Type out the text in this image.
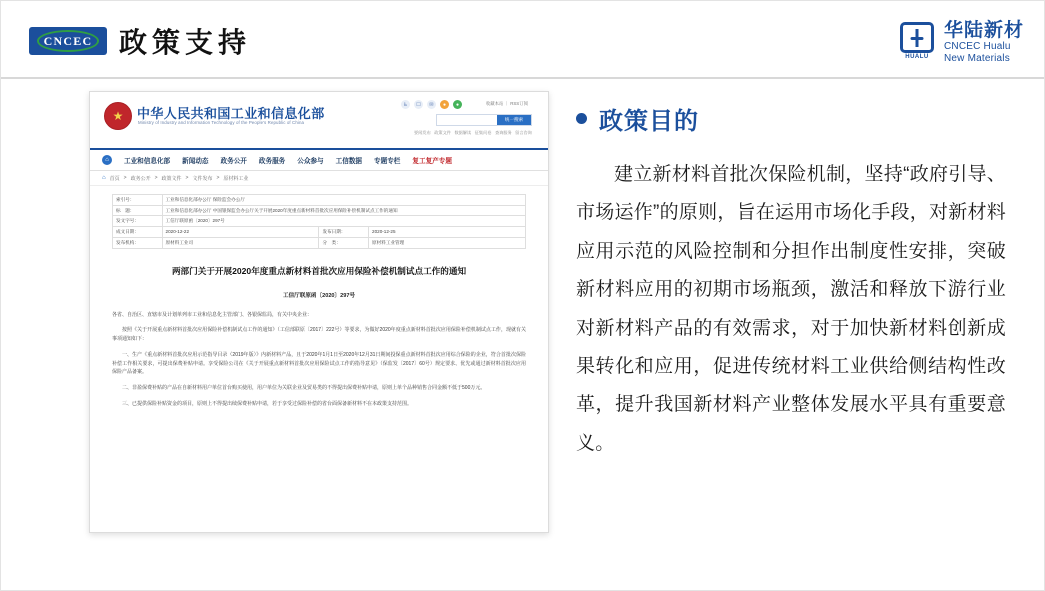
CNCEC 政策支持	HUALU
华陆新材
CNCEC Hualu
New Materials
★	中华人民共和国工业和信息化部
Ministry of Industry and Information Technology of the People's Republic of China
♿	☐	✉	●	●	收藏本站 ｜ RSS订阅
统一搜索
要闻发布 政策文件 数据解读 征集问卷 查询服务 留言咨询
⌂	工业和信息化部 新闻动态 政务公开 政务服务 公众参与 工信数据 专题专栏 复工复产专题
⌂ 首页 > 政务公开 > 政策文件 > 文件发布 > 原材料工业
索引号：	工业和信息化部办公厅 保险监会办公厅		
标　题：	工业和信息化部办公厅 中国银保监会办公厅关于开展2020年度重点新材料首批次应用保险补偿机制试点工作的通知		
发文字号：	工信厅联原函〔2020〕297号		
成文日期：	2020-12-22	发布日期：	2020-12-25
发布机构：	原材料工业司	分　类：	原材料工业管理
两部门关于开展2020年度重点新材料首批次应用保险补偿机制试点工作的通知
工信厅联原函〔2020〕297号

各省、自治区、直辖市及计划单列市工业和信息化主管部门、各银保监局，有关中央企业：

按照《关于开展重点新材料首批次应用保险补偿机制试点工作的通知》（工信部联原〔2017〕222号）等要求，为做好2020年度重点新材料首批次应用保险补偿机制试点工作，现就有关事项通知如下：

一、生产《重点新材料首批次应用示范指导目录（2019年版）》内新材料产品，且于2020年1月1日至2020年12月31日期间投保重点新材料首批次应用综合保险的企业，符合首批次保险补偿工作相关要求，可提出保费补贴申请。享受保险公司在《关于开展重点新材料首批次应用保险试点工作的指导意见》（保监发〔2017〕60号）规定要求、优先或通过新材料首批次应用保险产品备案。

二、非盈保费补贴的产品在自新材料用户单位首台购买使用，用户单位为关联企业及贸易类的不得提出保费补贴申请，原则上单个品种销售合同金额不低于500万元。

三、已提供保险补贴资金的项目，原则上不得提出续保费补贴申请，若于享受过保险补偿的省台面保备新材料不在本政策支持范围。

政策目的
建立新材料首批次保险机制，坚持“政府引导、市场运作”的原则，旨在运用市场化手段，对新材料应用示范的风险控制和分担作出制度性安排，突破新材料应用的初期市场瓶颈，激活和释放下游行业对新材料产品的有效需求，对于加快新材料创新成果转化和应用，促进传统材料工业供给侧结构性改革，提升我国新材料产业整体发展水平具有重要意义。
